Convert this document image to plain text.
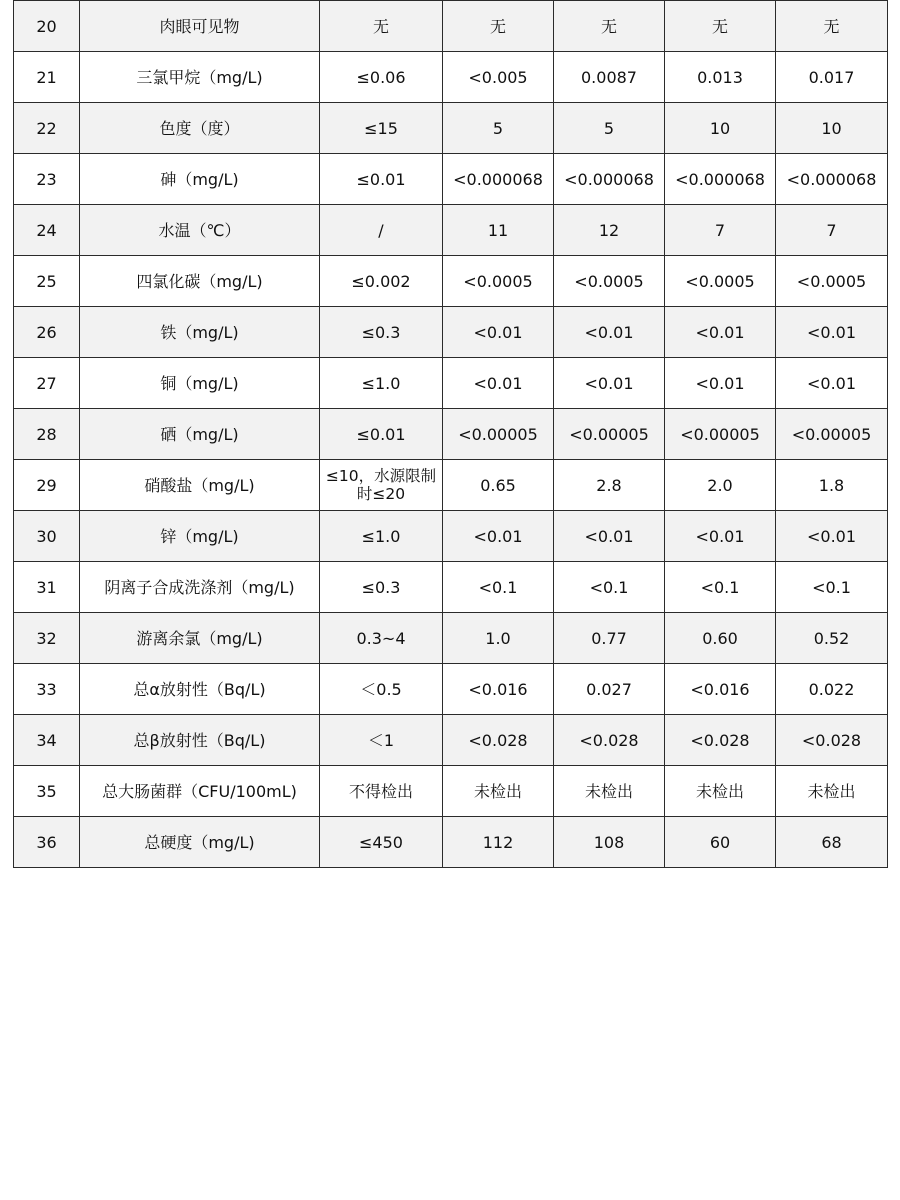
20	肉眼可见物	无	无	无	无	无
21	三氯甲烷（mg/L)	≤0.06	<0.005	0.0087	0.013	0.017
22	色度（度）	≤15	5	5	10	10
23	砷（mg/L)	≤0.01	<0.000068	<0.000068	<0.000068	<0.000068
24	水温（℃）	/	11	12	7	7
25	四氯化碳（mg/L)	≤0.002	<0.0005	<0.0005	<0.0005	<0.0005
26	铁（mg/L)	≤0.3	<0.01	<0.01	<0.01	<0.01
27	铜（mg/L)	≤1.0	<0.01	<0.01	<0.01	<0.01
28	硒（mg/L)	≤0.01	<0.00005	<0.00005	<0.00005	<0.00005
29	硝酸盐（mg/L)	≤10，水源限制时≤20	0.65	2.8	2.0	1.8
30	锌（mg/L)	≤1.0	<0.01	<0.01	<0.01	<0.01
31	阴离子合成洗涤剂（mg/L)	≤0.3	<0.1	<0.1	<0.1	<0.1
32	游离余氯（mg/L)	0.3~4	1.0	0.77	0.60	0.52
33	总α放射性（Bq/L)	＜0.5	<0.016	0.027	<0.016	0.022
34	总β放射性（Bq/L)	＜1	<0.028	<0.028	<0.028	<0.028
35	总大肠菌群（CFU/100mL)	不得检出	未检出	未检出	未检出	未检出
36	总硬度（mg/L)	≤450	112	108	60	68
